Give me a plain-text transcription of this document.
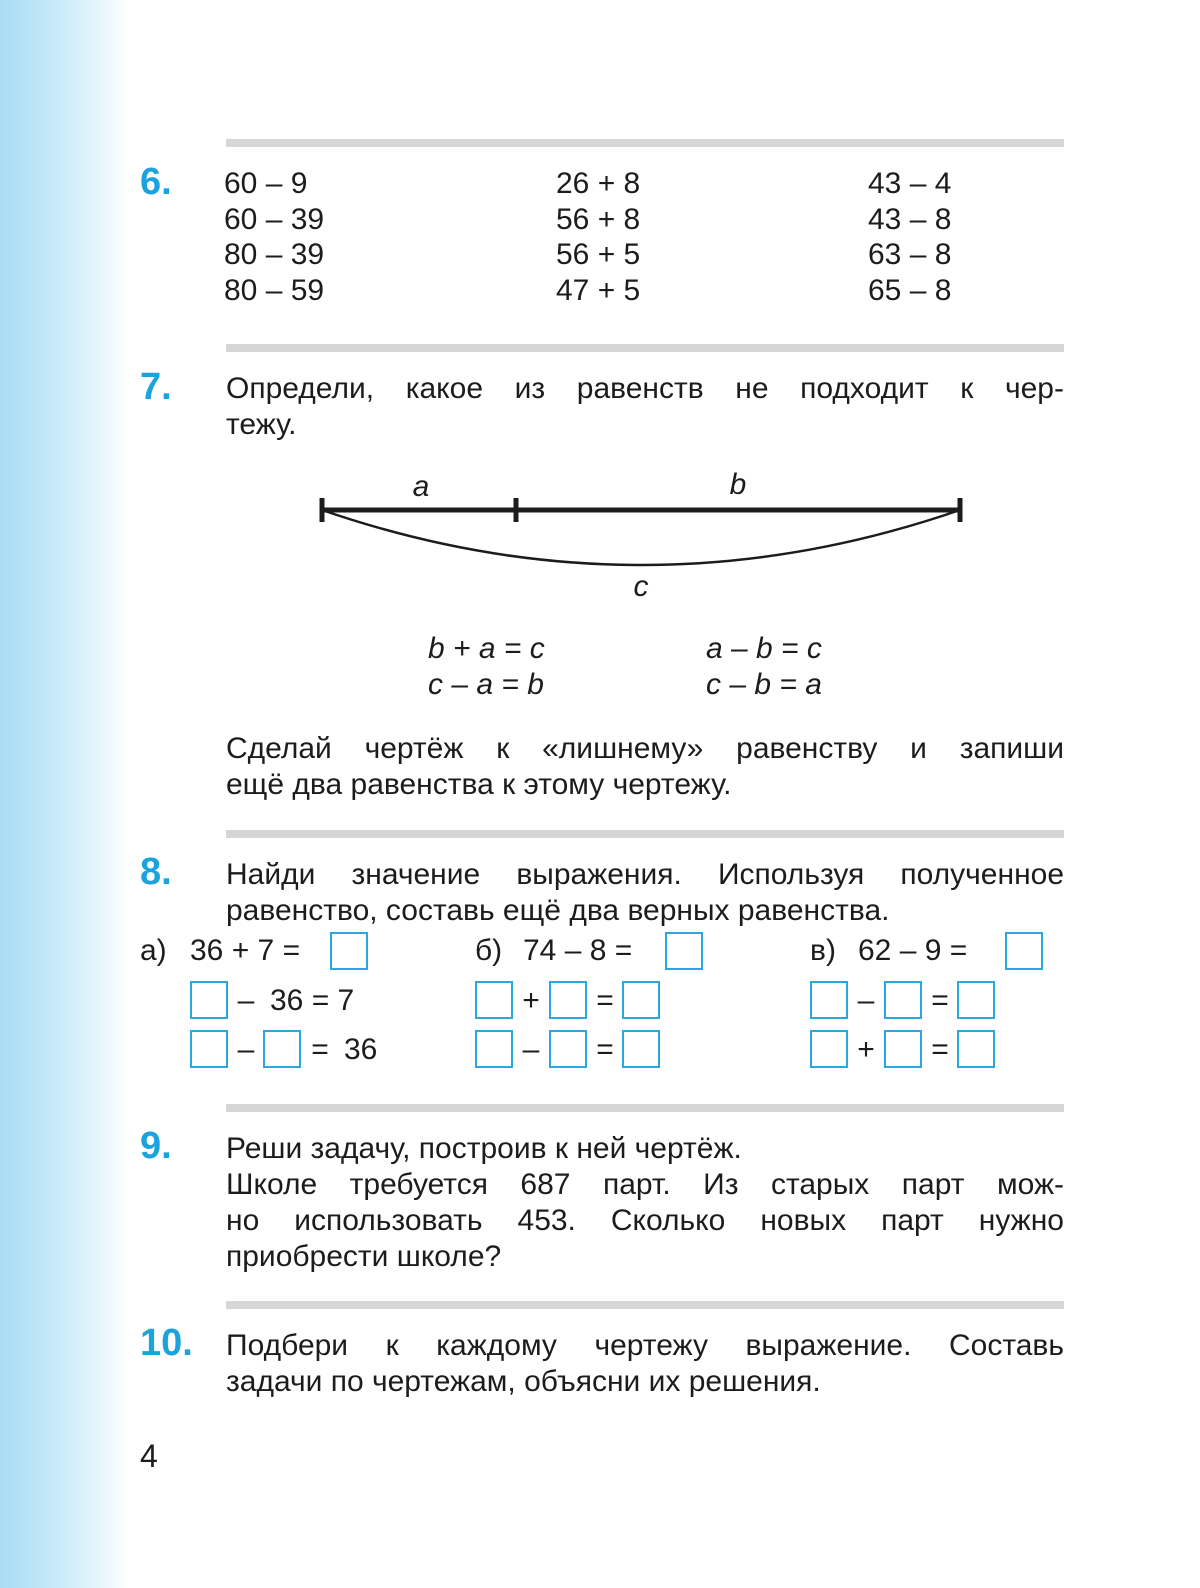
6. 60 – 9
60 – 39
80 – 39
80 – 59
26 + 8
56 + 8
56 + 5
47 + 5
43 – 4
43 – 8
63 – 8
65 – 8
7. Определи, какое из равенств не подходит к чер-
тежу.
a	b
c
b + a = c
c – a = b
a – b = c
c – b = a
Сделай чертёж к «лишнему» равенству и запиши
ещё два равенства к этому чертежу.
8. Найди значение выражения. Используя полученное
равенство, составь ещё два верных равенства.
а) 36 + 7 =
– 36 = 7
– = 36
б) 74 – 8 =
+ =
– =
в) 62 – 9 =
– =
+ =
9. Реши задачу, построив к ней чертёж.
Школе требуется 687 парт. Из старых парт мож-
но использовать 453. Сколько новых парт нужно
приобрести школе?
10. Подбери к каждому чертежу выражение. Составь
задачи по чертежам, объясни их решения.
4
